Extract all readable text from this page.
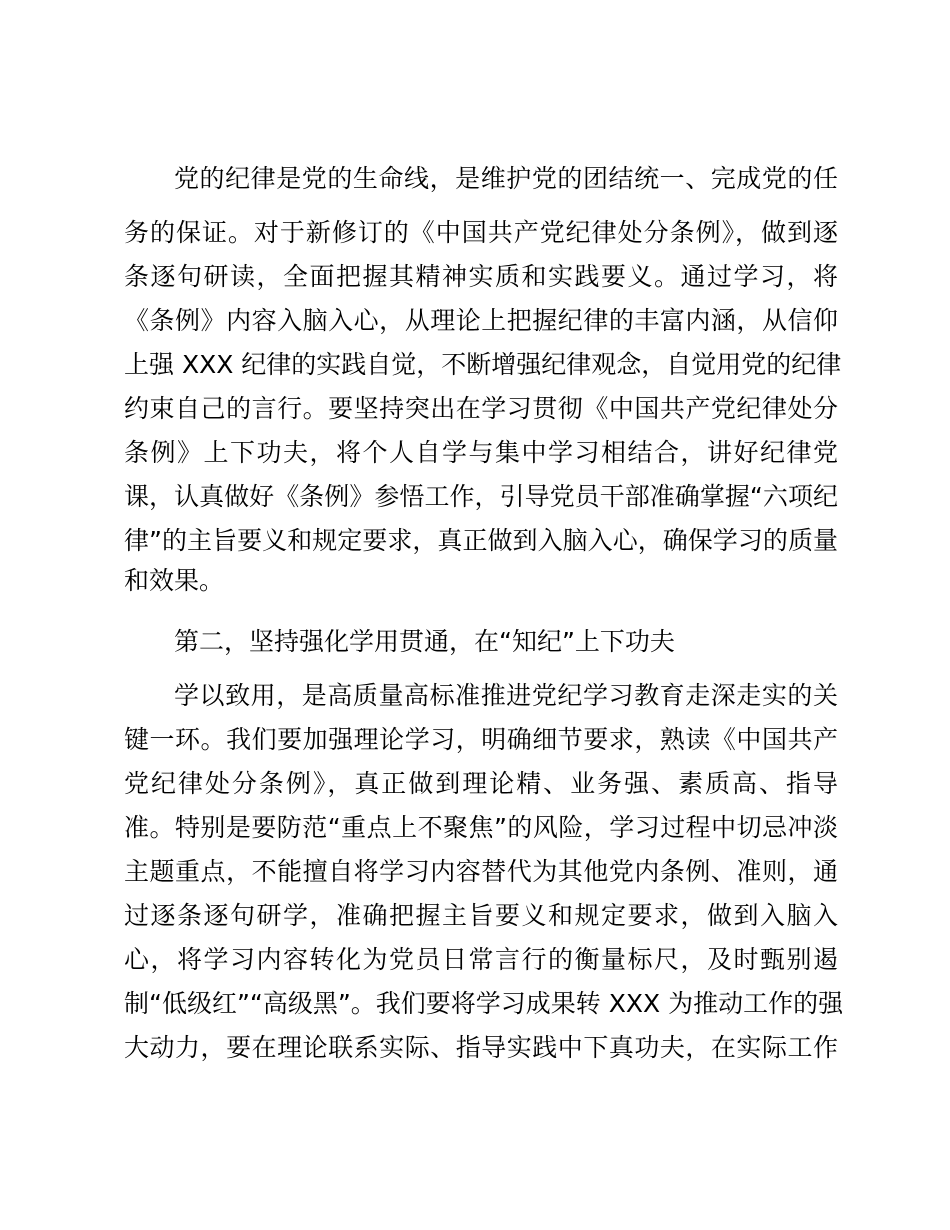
党的纪律是党的生命线，是维护党的团结统一、完成党的任
务的保证。对于新修订的《中国共产党纪律处分条例》，做到逐
条逐句研读，全面把握其精神实质和实践要义。通过学习，将
《条例》内容入脑入心，从理论上把握纪律的丰富内涵，从信仰
上强 XXX 纪律的实践自觉，不断增强纪律观念，自觉用党的纪律
约束自己的言行。要坚持突出在学习贯彻《中国共产党纪律处分
条例》上下功夫，将个人自学与集中学习相结合，讲好纪律党
课，认真做好《条例》参悟工作，引导党员干部准确掌握“六项纪
律”的主旨要义和规定要求，真正做到入脑入心，确保学习的质量
和效果。
第二，坚持强化学用贯通，在“知纪”上下功夫
学以致用，是高质量高标准推进党纪学习教育走深走实的关
键一环。我们要加强理论学习，明确细节要求，熟读《中国共产
党纪律处分条例》，真正做到理论精、业务强、素质高、指导
准。特别是要防范“重点上不聚焦”的风险，学习过程中切忌冲淡
主题重点，不能擅自将学习内容替代为其他党内条例、准则，通
过逐条逐句研学，准确把握主旨要义和规定要求，做到入脑入
心，将学习内容转化为党员日常言行的衡量标尺，及时甄别遏
制“低级红”“高级黑”。我们要将学习成果转 XXX 为推动工作的强
大动力，要在理论联系实际、指导实践中下真功夫，在实际工作
